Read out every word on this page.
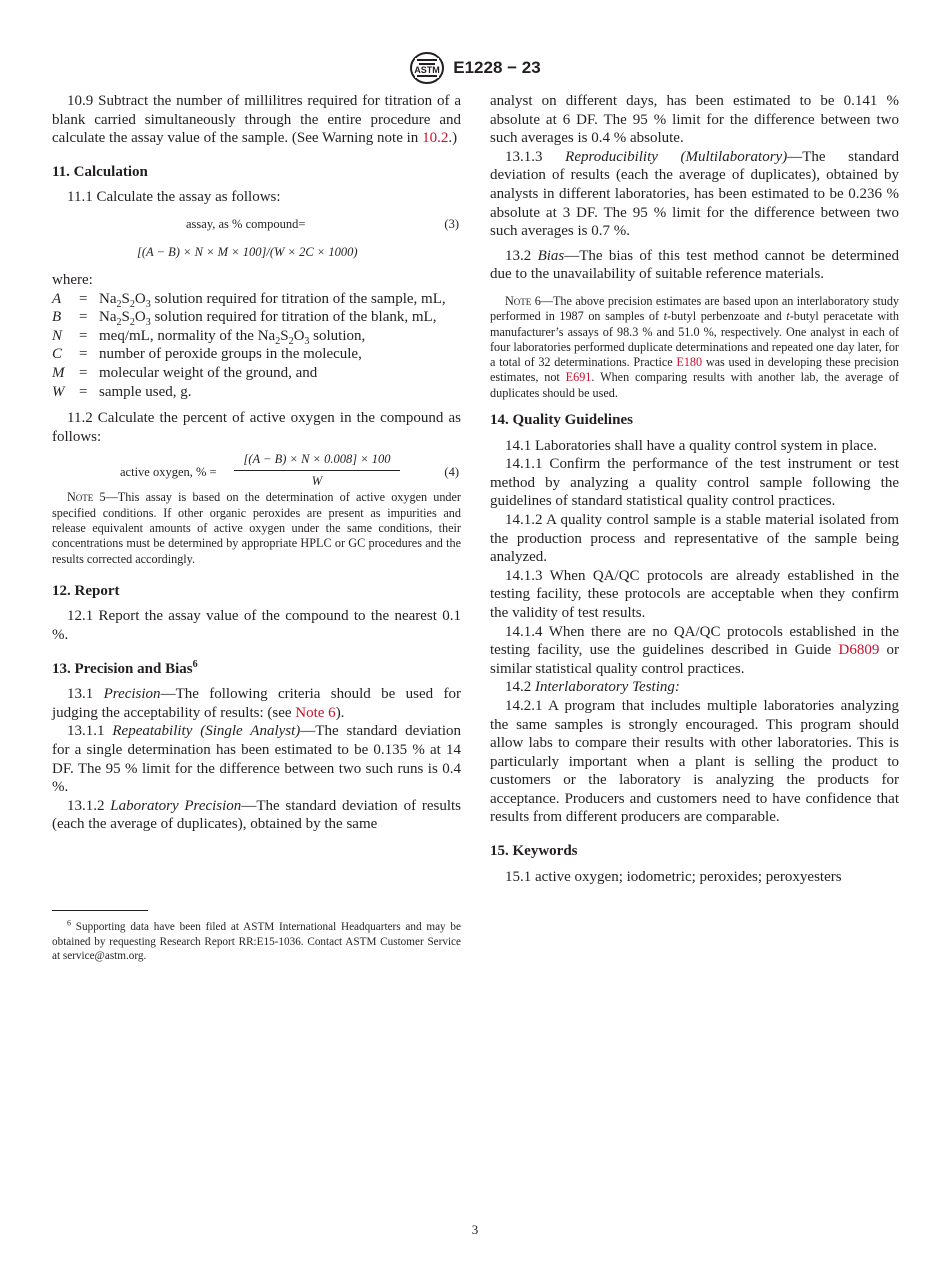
ASTM E1228 − 23

10.9 Subtract the number of millilitres required for titration of a blank carried simultaneously through the entire procedure and calculate the assay value of the sample. (See Warning note in 10.2.)

11. Calculation

11.1 Calculate the assay as follows:

assay, as % compound=	(3)
[(A − B) × N × M × 100]/(W × 2C × 1000)

where:

A	= $Na_2S_2O_3$ solution required for titration of the sample, mL,
B	= $Na_2S_2O_3$ solution required for titration of the blank, mL,
N	= meq/mL, normality of the $Na_2S_2O_3$ solution,
C	= number of peroxide groups in the molecule,
M = molecular weight of the ground, and
W = sample used, g.

11.2 Calculate the percent of active oxygen in the compound as follows:

active oxygen, % = $\frac{[(A - B) \times N \times 0.008] \times 100}{W}$	(4)

Note 5—This assay is based on the determination of active oxygen under specified conditions. If other organic peroxides are present as impurities and release equivalent amounts of active oxygen under the same conditions, their concentrations must be determined by appropriate HPLC or GC procedures and the results corrected accordingly.

12. Report

12.1 Report the assay value of the compound to the nearest 0.1 %.

13. Precision and Bias$^6$

13.1 Precision—The following criteria should be used for judging the acceptability of results: (see Note 6).

13.1.1 Repeatability (Single Analyst)—The standard deviation for a single determination has been estimated to be 0.135 % at 14 DF. The 95 % limit for the difference between two such runs is 0.4 %.

13.1.2 Laboratory Precision—The standard deviation of results (each the average of duplicates), obtained by the same

$^6$ Supporting data have been filed at ASTM International Headquarters and may be obtained by requesting Research Report RR:E15-1036. Contact ASTM Customer Service at service@astm.org.

analyst on different days, has been estimated to be 0.141 % absolute at 6 DF. The 95 % limit for the difference between two such averages is 0.4 % absolute.

13.1.3 Reproducibility (Multilaboratory)—The standard deviation of results (each the average of duplicates), obtained by analysts in different laboratories, has been estimated to be 0.236 % absolute at 3 DF. The 95 % limit for the difference between two such averages is 0.7 %.

13.2 Bias—The bias of this test method cannot be determined due to the unavailability of suitable reference materials.

Note 6—The above precision estimates are based upon an interlaboratory study performed in 1987 on samples of t-butyl perbenzoate and t-butyl peracetate with manufacturer’s assays of 98.3 % and 51.0 %, respectively. One analyst in each of four laboratories performed duplicate determinations and repeated one day later, for a total of 32 determinations. Practice E180 was used in developing these precision estimates, not E691. When comparing results with another lab, the average of duplicates should be used.

14. Quality Guidelines

14.1 Laboratories shall have a quality control system in place.

14.1.1 Confirm the performance of the test instrument or test method by analyzing a quality control sample following the guidelines of standard statistical quality control practices.

14.1.2 A quality control sample is a stable material isolated from the production process and representative of the sample being analyzed.

14.1.3 When QA/QC protocols are already established in the testing facility, these protocols are acceptable when they confirm the validity of test results.

14.1.4 When there are no QA/QC protocols established in the testing facility, use the guidelines described in Guide D6809 or similar statistical quality control practices.

14.2 Interlaboratory Testing:

14.2.1 A program that includes multiple laboratories analyzing the same samples is strongly encouraged. This program should allow labs to compare their results with other laboratories. This is particularly important when a plant is selling the product to customers or the laboratory is analyzing the products for acceptance. Producers and customers need to have confidence that results from different producers are comparable.

15. Keywords

15.1 active oxygen; iodometric; peroxides; peroxyesters

3
